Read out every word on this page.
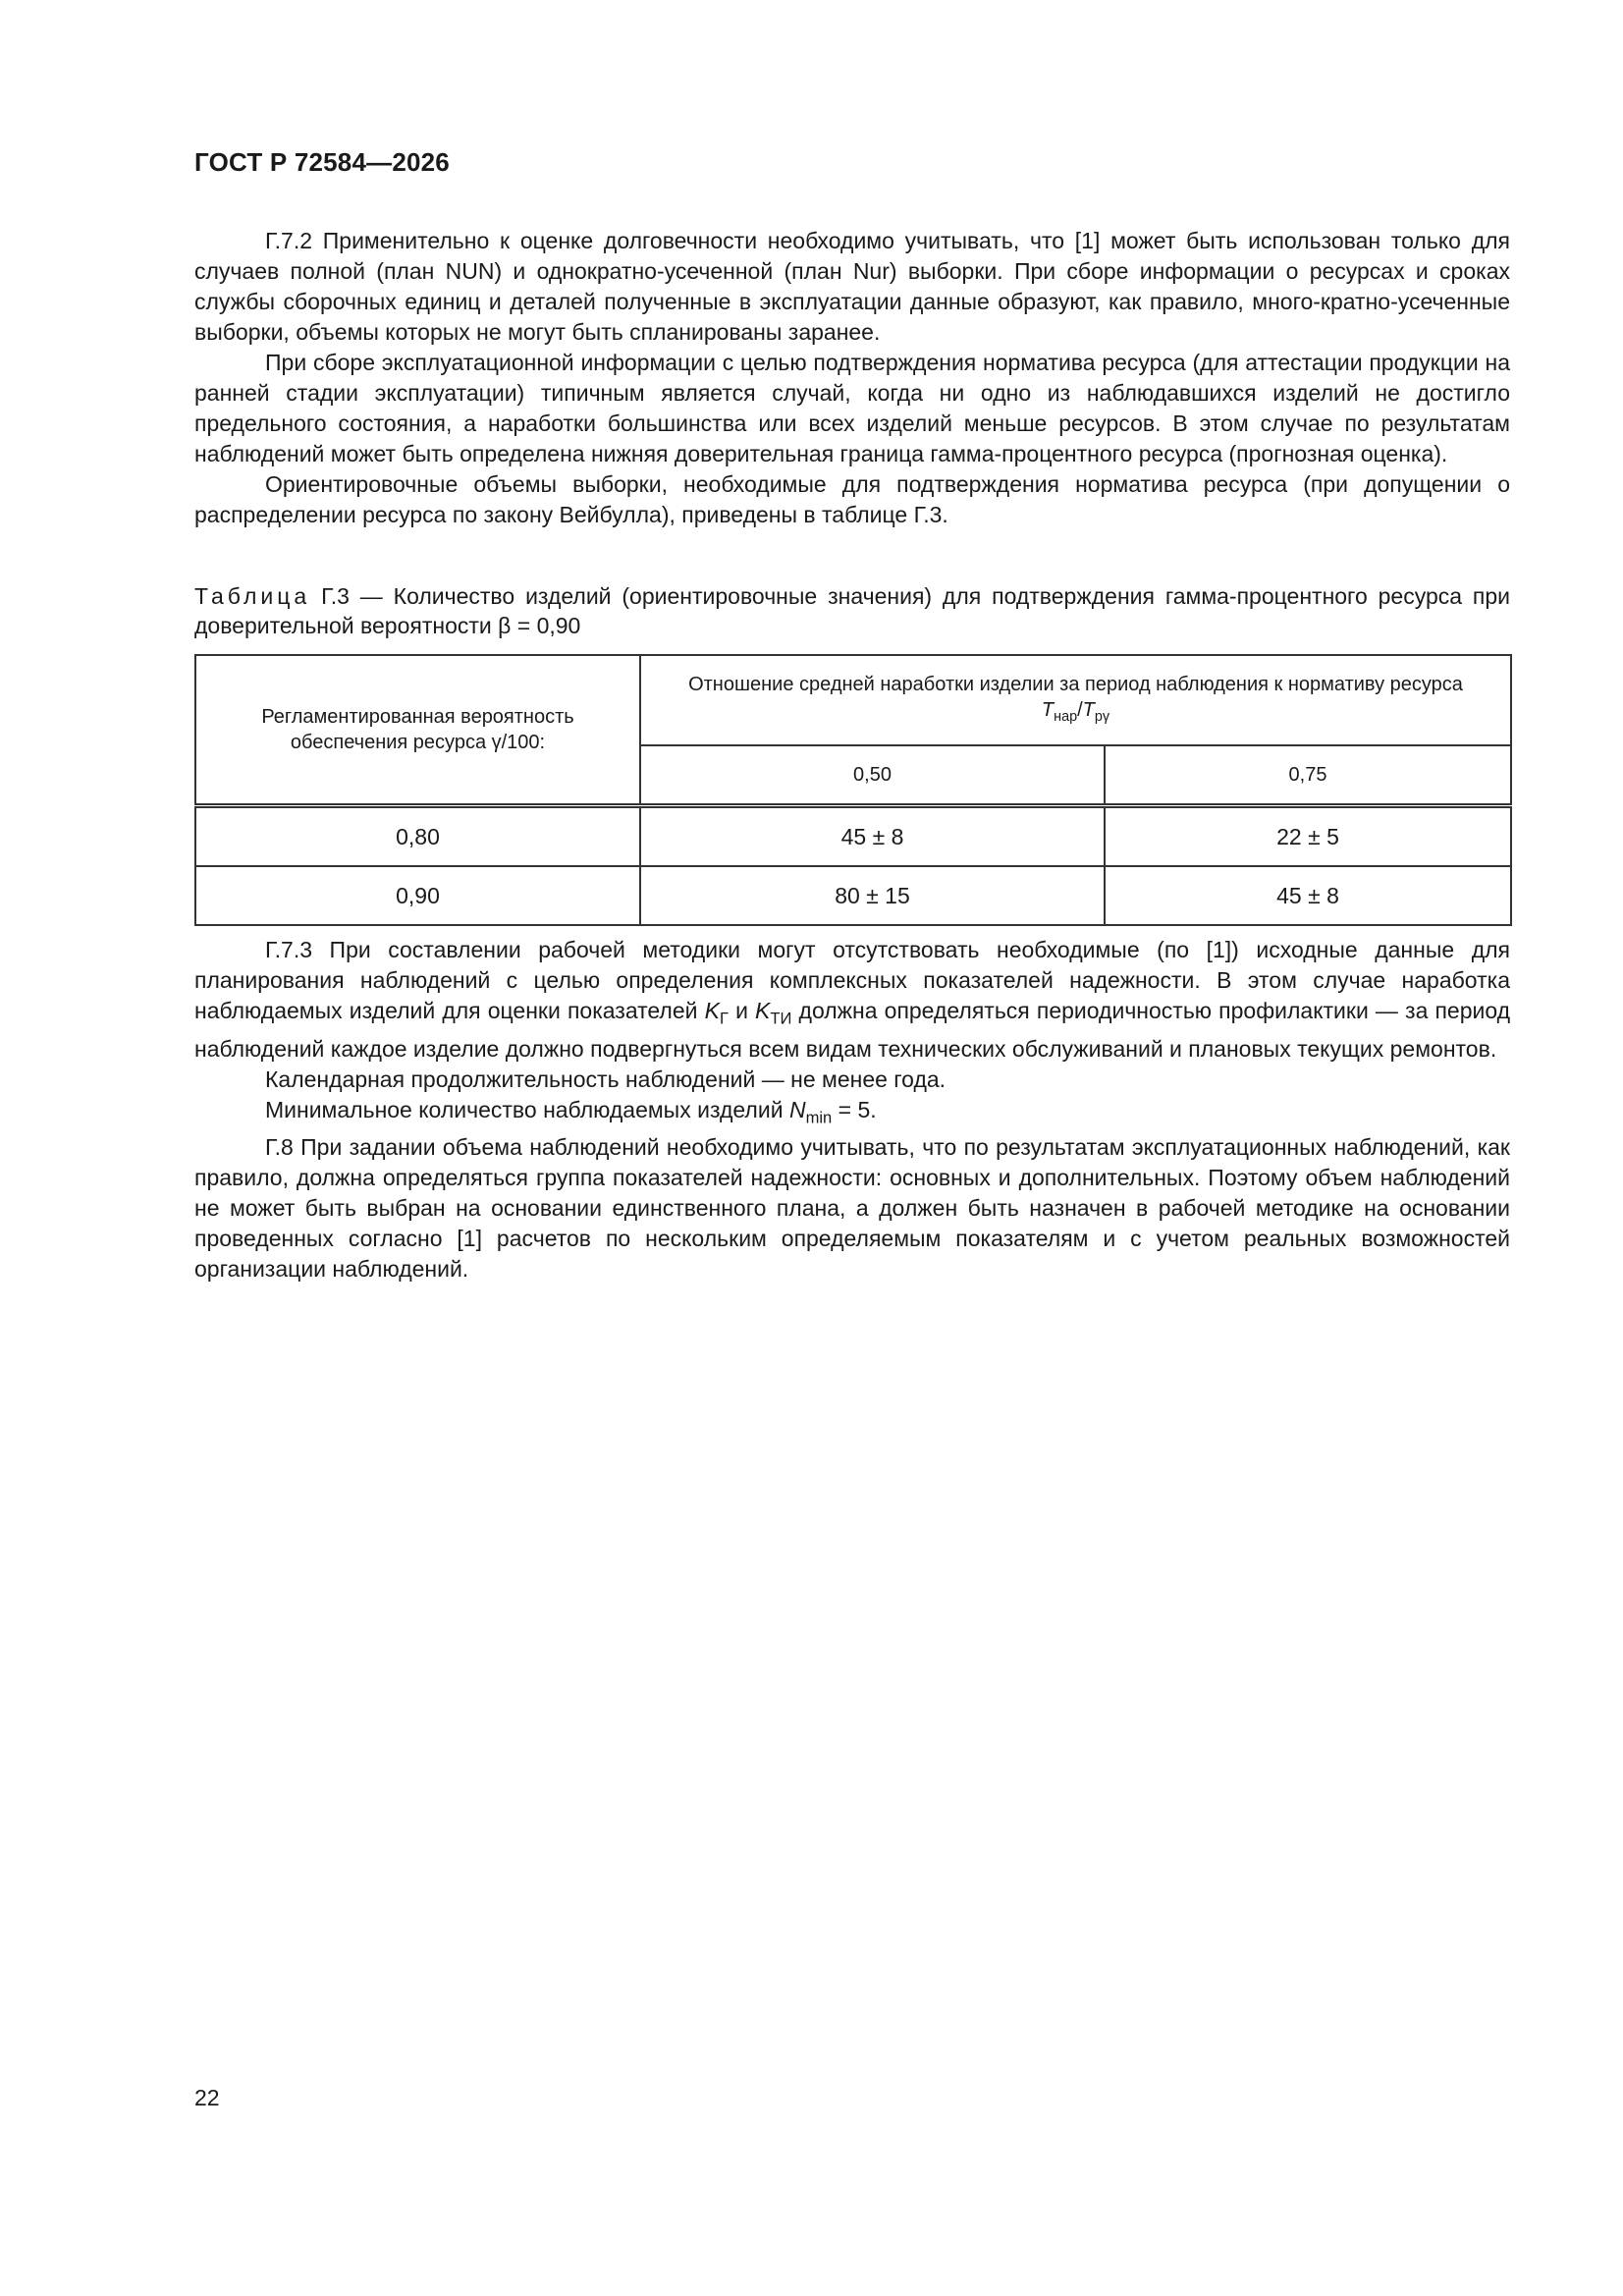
ГОСТ Р 72584—2026

Г.7.2 Применительно к оценке долговечности необходимо учитывать, что [1] может быть использован только для случаев полной (план NUN) и однократно-усеченной (план Nur) выборки. При сборе информации о ресурсах и сроках службы сборочных единиц и деталей полученные в эксплуатации данные образуют, как правило, много-кратно-усеченные выборки, объемы которых не могут быть спланированы заранее.

При сборе эксплуатационной информации с целью подтверждения норматива ресурса (для аттестации продукции на ранней стадии эксплуатации) типичным является случай, когда ни одно из наблюдавшихся изделий не достигло предельного состояния, а наработки большинства или всех изделий меньше ресурсов. В этом случае по результатам наблюдений может быть определена нижняя доверительная граница гамма-процентного ресурса (прогнозная оценка).

Ориентировочные объемы выборки, необходимые для подтверждения норматива ресурса (при допущении о распределении ресурса по закону Вейбулла), приведены в таблице Г.3.

Таблица Г.3 — Количество изделий (ориентировочные значения) для подтверждения гамма-процентного ресурса при доверительной вероятности β = 0,90
Регламентированная вероятность обеспечения ресурса γ/100:	Отношение средней наработки изделии за период наблюдения к нормативу ресурса $T_{нар}/T_{р\gamma}$
	0,50	0,75
0,80	45 ± 8	22 ± 5
0,90	80 ± 15	45 ± 8

Г.7.3 При составлении рабочей методики могут отсутствовать необходимые (по [1]) исходные данные для планирования наблюдений с целью определения комплексных показателей надежности. В этом случае наработка наблюдаемых изделий для оценки показателей $K_Г$ и $K_{ТИ}$ должна определяться периодичностью профилактики — за период наблюдений каждое изделие должно подвергнуться всем видам технических обслуживаний и плановых текущих ремонтов.

Календарная продолжительность наблюдений — не менее года.

Минимальное количество наблюдаемых изделий $N_{min} = 5$.

Г.8 При задании объема наблюдений необходимо учитывать, что по результатам эксплуатационных наблюдений, как правило, должна определяться группа показателей надежности: основных и дополнительных. Поэтому объем наблюдений не может быть выбран на основании единственного плана, а должен быть назначен в рабочей методике на основании проведенных согласно [1] расчетов по нескольким определяемым показателям и с учетом реальных возможностей организации наблюдений.

22
